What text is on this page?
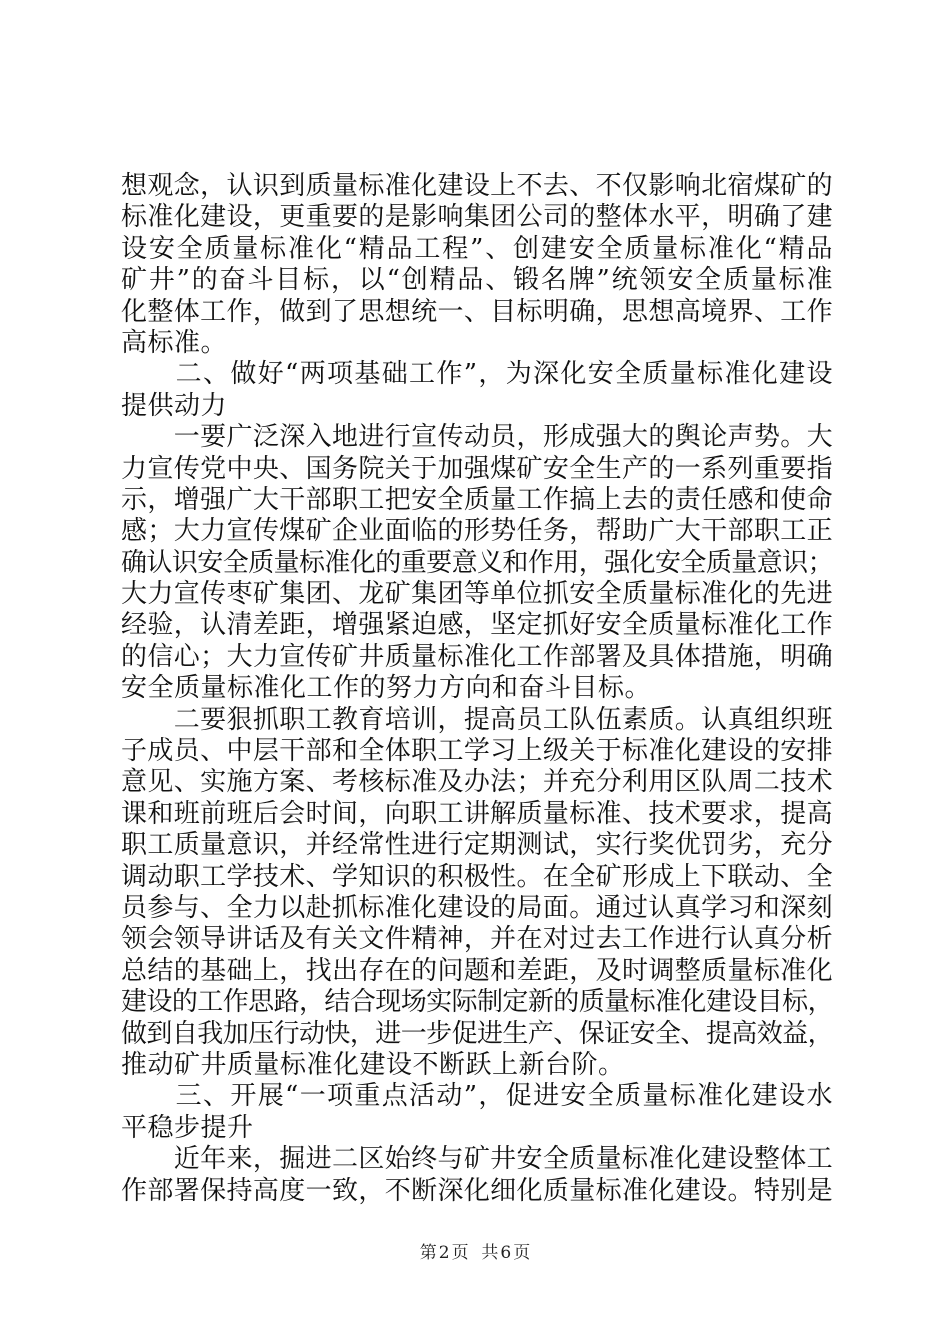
想观念，认识到质量标准化建设上不去、不仅影响北宿煤矿的
标准化建设，更重要的是影响集团公司的整体水平，明确了建
设安全质量标准化“精品工程”、创建安全质量标准化“精品
矿井”的奋斗目标，以“创精品、锻名牌”统领安全质量标准
化整体工作，做到了思想统一、目标明确，思想高境界、工作
高标准。
　　二、做好“两项基础工作”，为深化安全质量标准化建设
提供动力
　　一要广泛深入地进行宣传动员，形成强大的舆论声势。大
力宣传党中央、国务院关于加强煤矿安全生产的一系列重要指
示，增强广大干部职工把安全质量工作搞上去的责任感和使命
感；大力宣传煤矿企业面临的形势任务，帮助广大干部职工正
确认识安全质量标准化的重要意义和作用，强化安全质量意识；
大力宣传枣矿集团、龙矿集团等单位抓安全质量标准化的先进
经验，认清差距，增强紧迫感，坚定抓好安全质量标准化工作
的信心；大力宣传矿井质量标准化工作部署及具体措施，明确
安全质量标准化工作的努力方向和奋斗目标。
　　二要狠抓职工教育培训，提高员工队伍素质。认真组织班
子成员、中层干部和全体职工学习上级关于标准化建设的安排
意见、实施方案、考核标准及办法；并充分利用区队周二技术
课和班前班后会时间，向职工讲解质量标准、技术要求，提高
职工质量意识，并经常性进行定期测试，实行奖优罚劣，充分
调动职工学技术、学知识的积极性。在全矿形成上下联动、全
员参与、全力以赴抓标准化建设的局面。通过认真学习和深刻
领会领导讲话及有关文件精神，并在对过去工作进行认真分析
总结的基础上，找出存在的问题和差距，及时调整质量标准化
建设的工作思路，结合现场实际制定新的质量标准化建设目标，
做到自我加压行动快，进一步促进生产、保证安全、提高效益，
推动矿井质量标准化建设不断跃上新台阶。
　　三、开展“一项重点活动”，促进安全质量标准化建设水
平稳步提升
　　近年来，掘进二区始终与矿井安全质量标准化建设整体工
作部署保持高度一致，不断深化细化质量标准化建设。特别是
第 2 页 共 6 页
